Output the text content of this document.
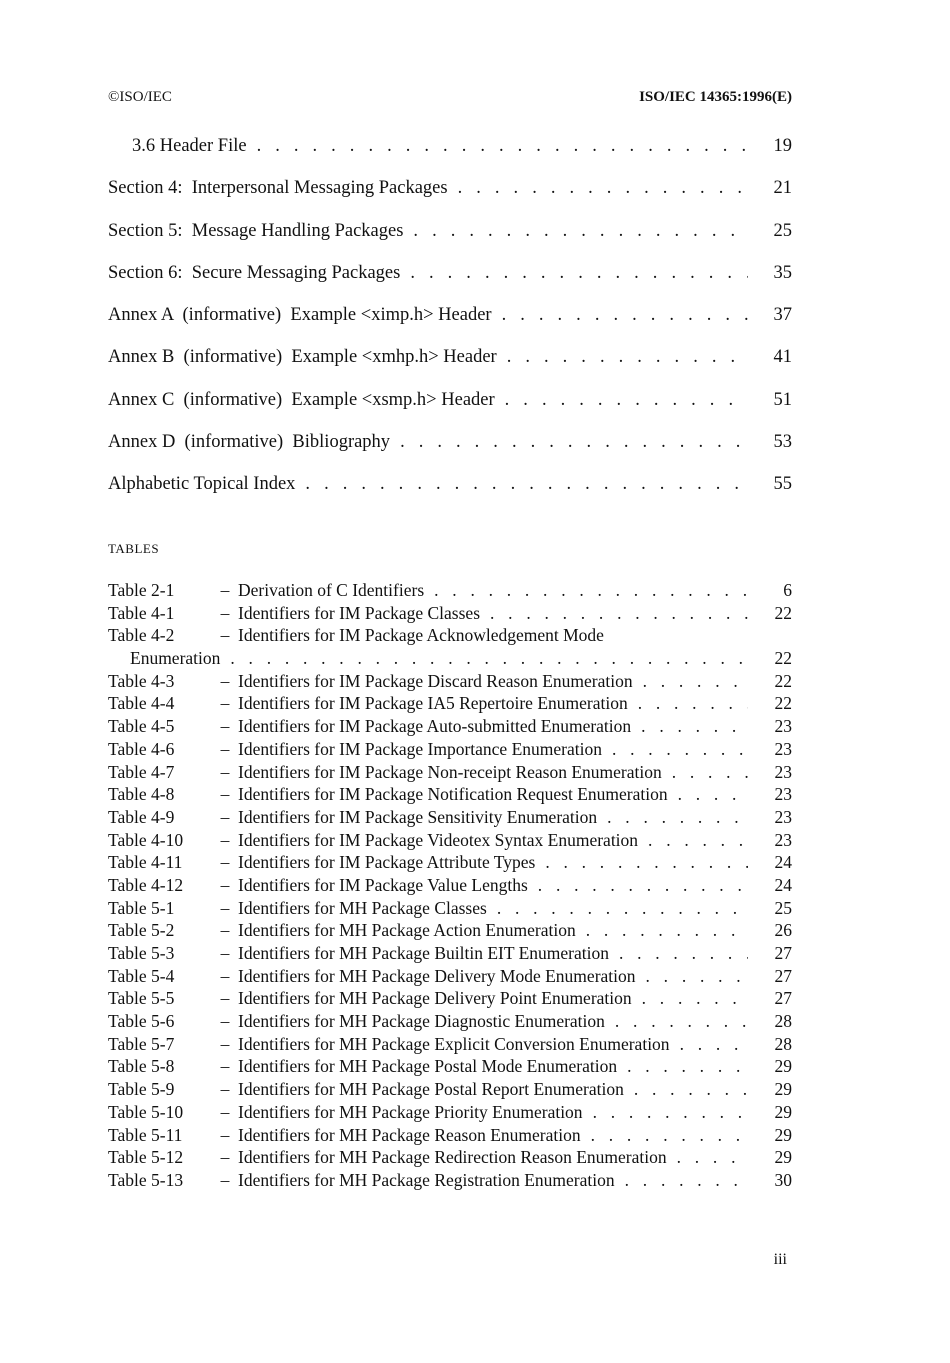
©ISO/IEC	ISO/IEC 14365:1996(E)
3.6 Header File . . .	19
Section 4:  Interpersonal Messaging Packages . . .	21
Section 5:  Message Handling Packages . . .	25
Section 6:  Secure Messaging Packages . . .	35
Annex A  (informative)  Example <ximp.h> Header . . .	37
Annex B  (informative)  Example <xmhp.h> Header . . .	41
Annex C  (informative)  Example <xsmp.h> Header . . .	51
Annex D  (informative)  Bibliography . . .	53
Alphabetic Topical Index . . .	55
TABLES
Table 2-1	– Derivation of C Identifiers . . .	6
Table 4-1	– Identifiers for IM Package Classes . . .	22
Table 4-2	– Identifiers for IM Package Acknowledgement Mode
Enumeration . . .	22
Table 4-3	– Identifiers for IM Package Discard Reason Enumeration . . .	22
Table 4-4	– Identifiers for IM Package IA5 Repertoire Enumeration . . .	22
Table 4-5	– Identifiers for IM Package Auto-submitted Enumeration . . .	23
Table 4-6	– Identifiers for IM Package Importance Enumeration . . .	23
Table 4-7	– Identifiers for IM Package Non-receipt Reason Enumeration . . .	23
Table 4-8	– Identifiers for IM Package Notification Request Enumeration . . .	23
Table 4-9	– Identifiers for IM Package Sensitivity Enumeration . . .	23
Table 4-10	– Identifiers for IM Package Videotex Syntax Enumeration . . .	23
Table 4-11	– Identifiers for IM Package Attribute Types . . .	24
Table 4-12	– Identifiers for IM Package Value Lengths . . .	24
Table 5-1	– Identifiers for MH Package Classes . . .	25
Table 5-2	– Identifiers for MH Package Action Enumeration . . .	26
Table 5-3	– Identifiers for MH Package Builtin EIT Enumeration . . .	27
Table 5-4	– Identifiers for MH Package Delivery Mode Enumeration . . .	27
Table 5-5	– Identifiers for MH Package Delivery Point Enumeration . . .	27
Table 5-6	– Identifiers for MH Package Diagnostic Enumeration . . .	28
Table 5-7	– Identifiers for MH Package Explicit Conversion Enumeration . . .	28
Table 5-8	– Identifiers for MH Package Postal Mode Enumeration . . .	29
Table 5-9	– Identifiers for MH Package Postal Report Enumeration . . .	29
Table 5-10	– Identifiers for MH Package Priority Enumeration . . .	29
Table 5-11	– Identifiers for MH Package Reason Enumeration . . .	29
Table 5-12	– Identifiers for MH Package Redirection Reason Enumeration . . .	29
Table 5-13	– Identifiers for MH Package Registration Enumeration . . .	30
iii
